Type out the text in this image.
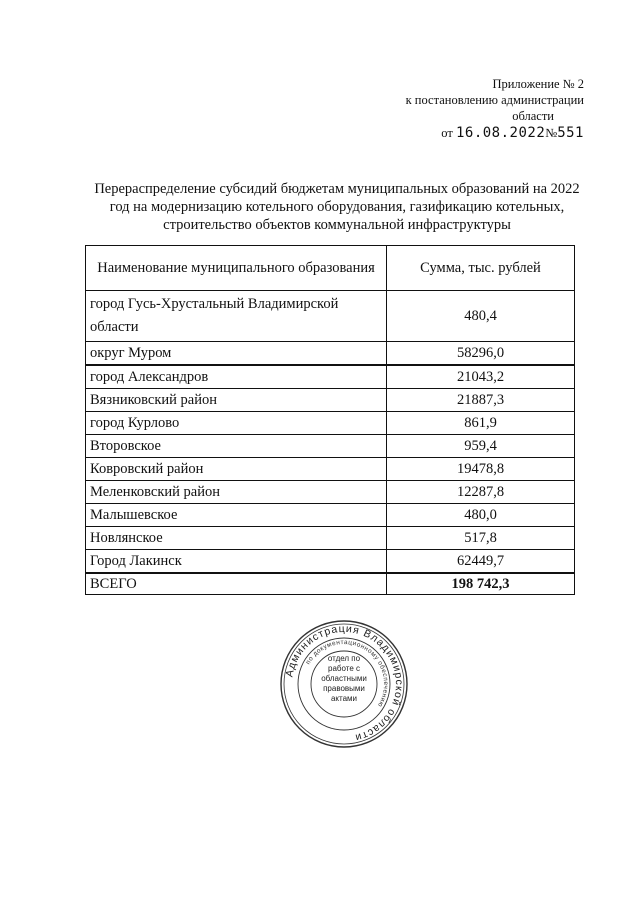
Приложение № 2
к постановлению администрации
области
от 16.08.2022№551
Перераспределение субсидий бюджетам муниципальных образований на 2022 год на модернизацию котельного оборудования, газификацию котельных, строительство объектов коммунальной инфраструктуры
Наименование муниципального образования	Сумма, тыс. рублей
город Гусь-Хрустальный Владимирской области	480,4
округ Муром	58296,0
город Александров	21043,2
Вязниковский район	21887,3
город Курлово	861,9
Второвское	959,4
Ковровский район	19478,8
Меленковский район	12287,8
Малышевское	480,0
Новлянское	517,8
Город Лакинск	62449,7
ВСЕГО	198 742,3
Администрация Владимирской области
по документационному обеспечению
отдел по работе с областными правовыми актами
